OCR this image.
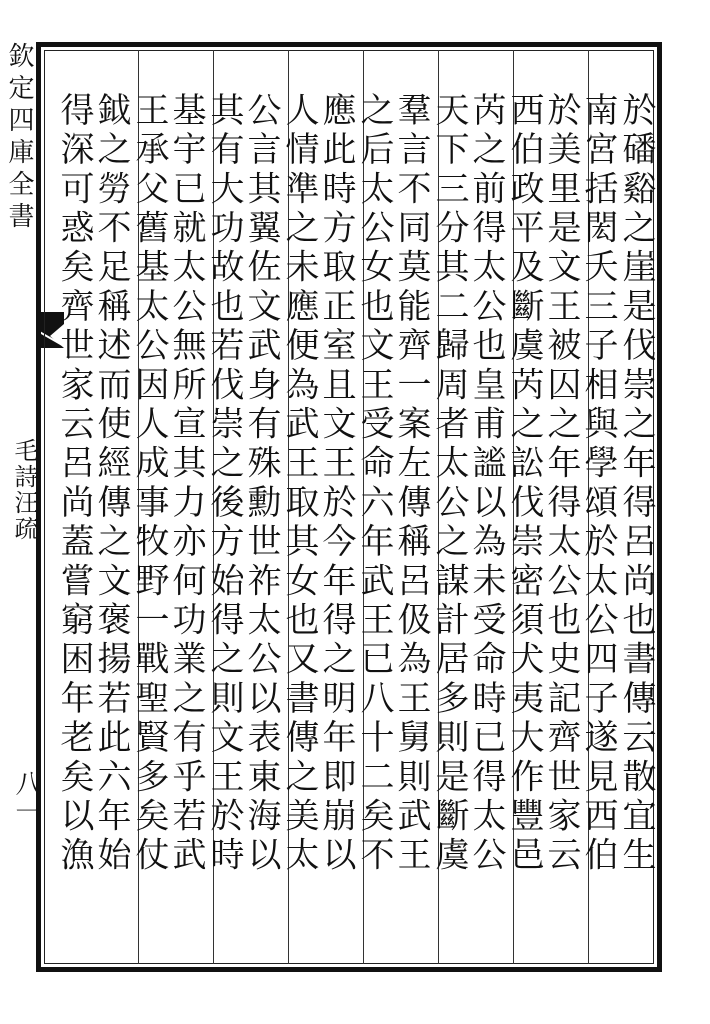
欽定四庫全書
毛詩汪疏
八一	於磻谿之崖是伐崇之年得呂尚也書傳云散宜生
南宮括閎夭三子相與學頌於太公四子遂見西伯
於美里是文王被囚之年得太公也史記齊世家云
西伯政平及斷虞芮之訟伐崇密須犬夷大作豐邑
芮之前得太公也皇甫謐以為未受命時已得太公
天下三分其二歸周者太公之謀計居多則是斷虞
羣言不同莫能齊一案左傳稱呂伋為王舅則武王
之后太公女也文王受命六年武王已八十二矣不
應此時方取正室且文王於今年得之明年即崩以
人情準之未應便為武王取其女也又書傳之美太
公言其翼佐文武身有殊勳世祚太公以表東海以
其有大功故也若伐崇之後方始得之則文王於時
基宇已就太公無所宣其力亦何功業之有乎若武
王承父舊基太公因人成事牧野一戰聖賢多矣仗
鉞之勞不足稱述而使經傳之文褒揚若此六年始
得深可惑矣齊世家云呂尚蓋嘗窮困年老矣以漁
